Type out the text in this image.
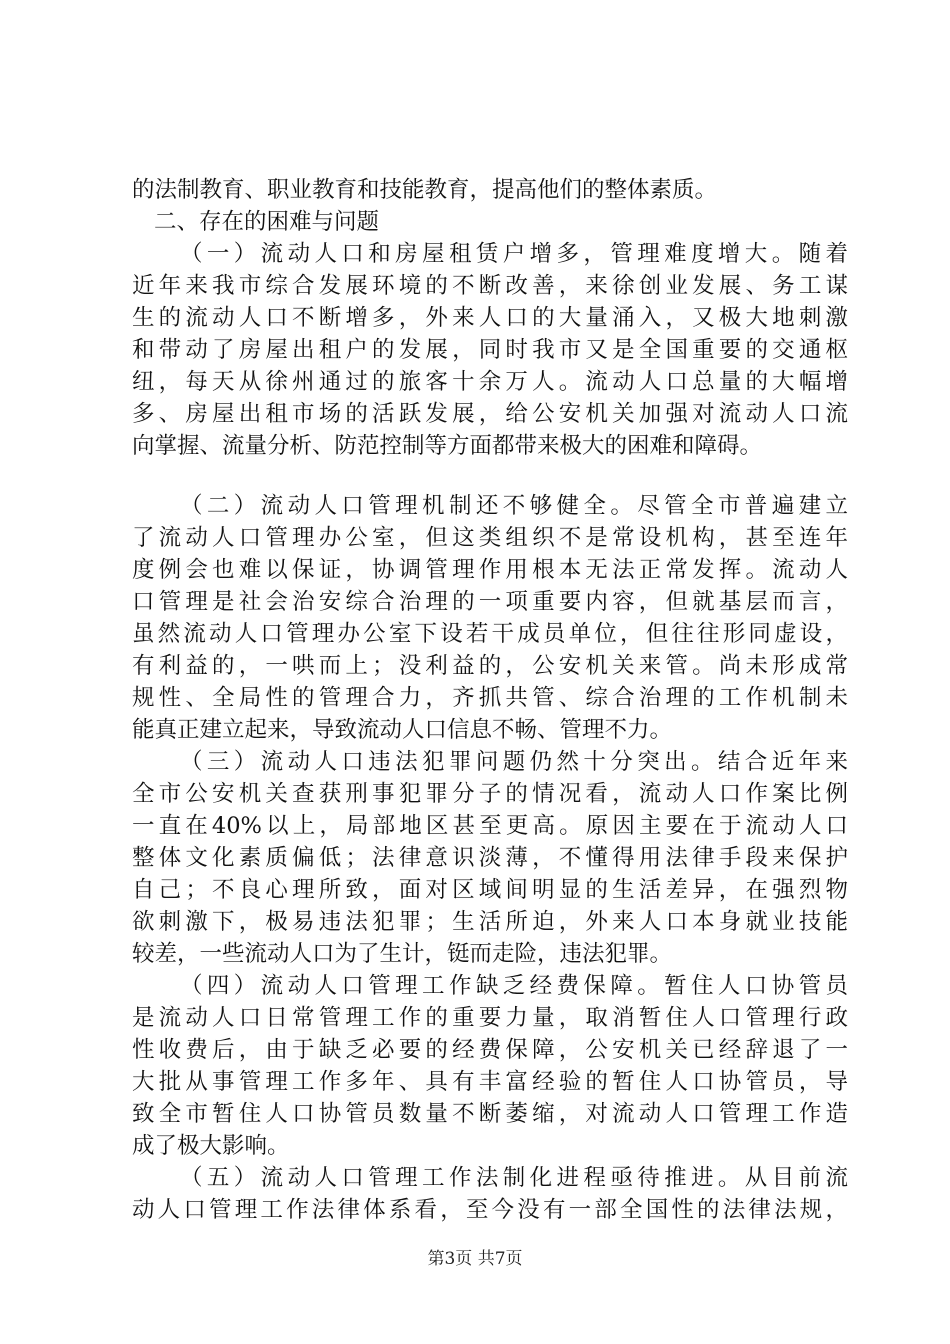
的法制教育、职业教育和技能教育，提高他们的整体素质。
二、存在的困难与问题
（一）流动人口和房屋租赁户增多，管理难度增大。随着
近年来我市综合发展环境的不断改善，来徐创业发展、务工谋
生的流动人口不断增多，外来人口的大量涌入，又极大地刺激
和带动了房屋出租户的发展，同时我市又是全国重要的交通枢
纽，每天从徐州通过的旅客十余万人。流动人口总量的大幅增
多、房屋出租市场的活跃发展，给公安机关加强对流动人口流
向掌握、流量分析、防范控制等方面都带来极大的困难和障碍。
（二）流动人口管理机制还不够健全。尽管全市普遍建立
了流动人口管理办公室，但这类组织不是常设机构，甚至连年
度例会也难以保证，协调管理作用根本无法正常发挥。流动人
口管理是社会治安综合治理的一项重要内容，但就基层而言，
虽然流动人口管理办公室下设若干成员单位，但往往形同虚设，
有利益的，一哄而上；没利益的，公安机关来管。尚未形成常
规性、全局性的管理合力，齐抓共管、综合治理的工作机制未
能真正建立起来，导致流动人口信息不畅、管理不力。
（三）流动人口违法犯罪问题仍然十分突出。结合近年来
全市公安机关查获刑事犯罪分子的情况看，流动人口作案比例
一直在40%以上，局部地区甚至更高。原因主要在于流动人口
整体文化素质偏低；法律意识淡薄，不懂得用法律手段来保护
自己；不良心理所致，面对区域间明显的生活差异，在强烈物
欲刺激下，极易违法犯罪；生活所迫，外来人口本身就业技能
较差，一些流动人口为了生计，铤而走险，违法犯罪。
（四）流动人口管理工作缺乏经费保障。暂住人口协管员
是流动人口日常管理工作的重要力量，取消暂住人口管理行政
性收费后，由于缺乏必要的经费保障，公安机关已经辞退了一
大批从事管理工作多年、具有丰富经验的暂住人口协管员，导
致全市暂住人口协管员数量不断萎缩，对流动人口管理工作造
成了极大影响。
（五）流动人口管理工作法制化进程亟待推进。从目前流
动人口管理工作法律体系看，至今没有一部全国性的法律法规，
第3页 共7页
